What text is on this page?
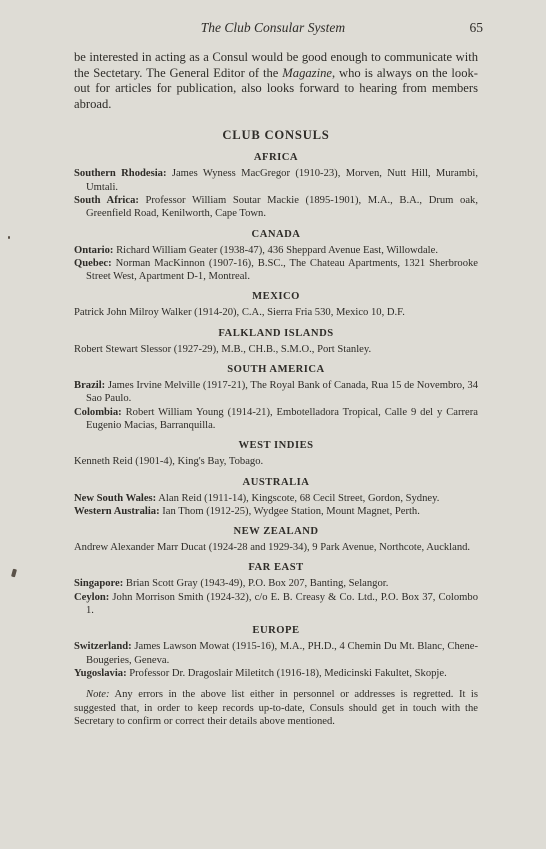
The Club Consular System	65

be interested in acting as a Consul would be good enough to communicate with the Sectetary. The General Editor of the Magazine, who is always on the look-out for articles for publication, also looks forward to hearing from members abroad.

CLUB CONSULS
AFRICA

Southern Rhodesia: James Wyness MacGregor (1910-23), Morven, Nutt Hill, Murambi, Umtali.

South Africa: Professor William Soutar Mackie (1895-1901), M.A., B.A., Drum oak, Greenfield Road, Kenilworth, Cape Town.

CANADA

Ontario: Richard William Geater (1938-47), 436 Sheppard Avenue East, Willowdale.

Quebec: Norman MacKinnon (1907-16), B.SC., The Chateau Apartments, 1321 Sherbrooke Street West, Apartment D-1, Montreal.

MEXICO

Patrick John Milroy Walker (1914-20), C.A., Sierra Fria 530, Mexico 10, D.F.

FALKLAND ISLANDS

Robert Stewart Slessor (1927-29), M.B., CH.B., S.M.O., Port Stanley.

SOUTH AMERICA

Brazil: James Irvine Melville (1917-21), The Royal Bank of Canada, Rua 15 de Novembro, 34 Sao Paulo.

Colombia: Robert William Young (1914-21), Embotelladora Tropical, Calle 9 del y Carrera Eugenio Macias, Barranquilla.

WEST INDIES

Kenneth Reid (1901-4), King's Bay, Tobago.

AUSTRALIA

New South Wales: Alan Reid (1911-14), Kingscote, 68 Cecil Street, Gordon, Sydney.

Western Australia: Ian Thom (1912-25), Wydgee Station, Mount Magnet, Perth.

NEW ZEALAND

Andrew Alexander Marr Ducat (1924-28 and 1929-34), 9 Park Avenue, Northcote, Auckland.

FAR EAST

Singapore: Brian Scott Gray (1943-49), P.O. Box 207, Banting, Selangor.

Ceylon: John Morrison Smith (1924-32), c/o E. B. Creasy & Co. Ltd., P.O. Box 37, Colombo 1.

EUROPE

Switzerland: James Lawson Mowat (1915-16), M.A., PH.D., 4 Chemin Du Mt. Blanc, Chene-Bougeries, Geneva.

Yugoslavia: Professor Dr. Dragoslair Miletitch (1916-18), Medicinski Fakultet, Skopje.

Note: Any errors in the above list either in personnel or addresses is regretted. It is suggested that, in order to keep records up-to-date, Consuls should get in touch with the Secretary to confirm or correct their details above mentioned.
